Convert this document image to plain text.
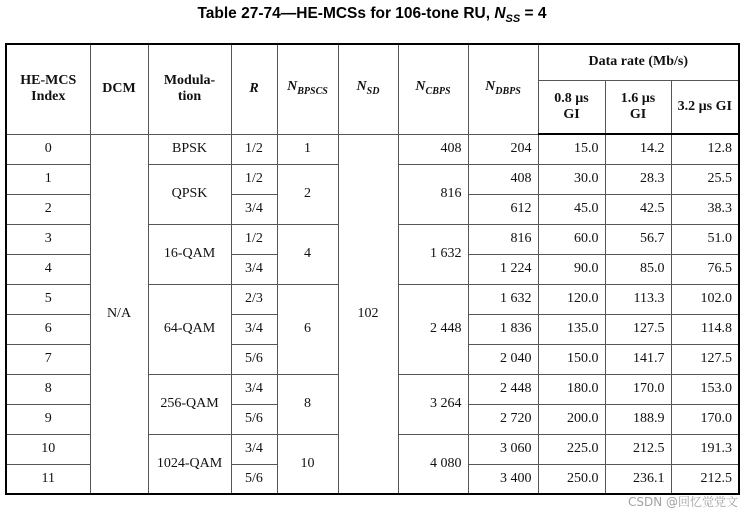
Table 27-74—HE-MCSs for 106-tone RU, $N_{SS} = 4$
HE-MCS Index	DCM	Modula-tion	R	$N_{BPSCS}$	$N_{SD}$	$N_{CBPS}$	$N_{DBPS}$	Data rate (Mb/s)		

								0.8 µs GI	1.6 µs GI	3.2 µs GI

0	N/A	BPSK	1/2	1	102	408	204	15.0	14.2	12.8
1		QPSK	1/2	2		816	408	30.0	28.3	25.5
2			3/4				612	45.0	42.5	38.3
3		16-QAM	1/2	4		1 632	816	60.0	56.7	51.0
4			3/4				1 224	90.0	85.0	76.5
5		64-QAM	2/3	6		2 448	1 632	120.0	113.3	102.0
6			3/4				1 836	135.0	127.5	114.8
7			5/6				2 040	150.0	141.7	127.5
8		256-QAM	3/4	8		3 264	2 448	180.0	170.0	153.0
9			5/6				2 720	200.0	188.9	170.0
10		1024-QAM	3/4	10		4 080	3 060	225.0	212.5	191.3
11			5/6				3 400	250.0	236.1	212.5
CSDN @回忆觉党文
